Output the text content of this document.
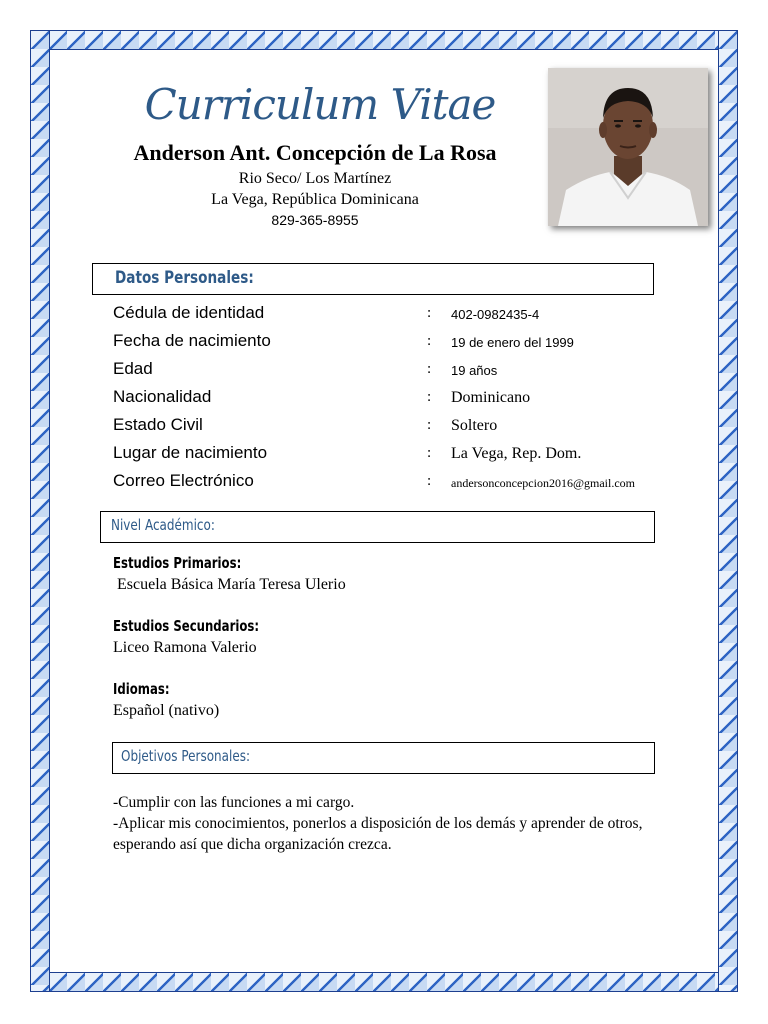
Curriculum Vitae
Anderson Ant. Concepción de La Rosa
Rio Seco/ Los Martínez
La Vega, República Dominicana
829-365-8955
Datos Personales:
Cédula de identidad	: 402-0982435-4
Fecha de nacimiento	: 19 de enero del 1999
Edad	: 19 años
Nacionalidad	: Dominicano
Estado Civil	: Soltero
Lugar de nacimiento	: La Vega, Rep. Dom.
Correo Electrónico	: andersonconcepcion2016@gmail.com
Nivel Académico:
Estudios Primarios:
Escuela Básica María Teresa Ulerio
Estudios Secundarios:
Liceo Ramona Valerio
Idiomas:
Español (nativo)
Objetivos Personales:
-Cumplir con las funciones a mi cargo.
-Aplicar mis conocimientos, ponerlos a disposición de los demás y aprender de otros, esperando así que dicha organización crezca.
